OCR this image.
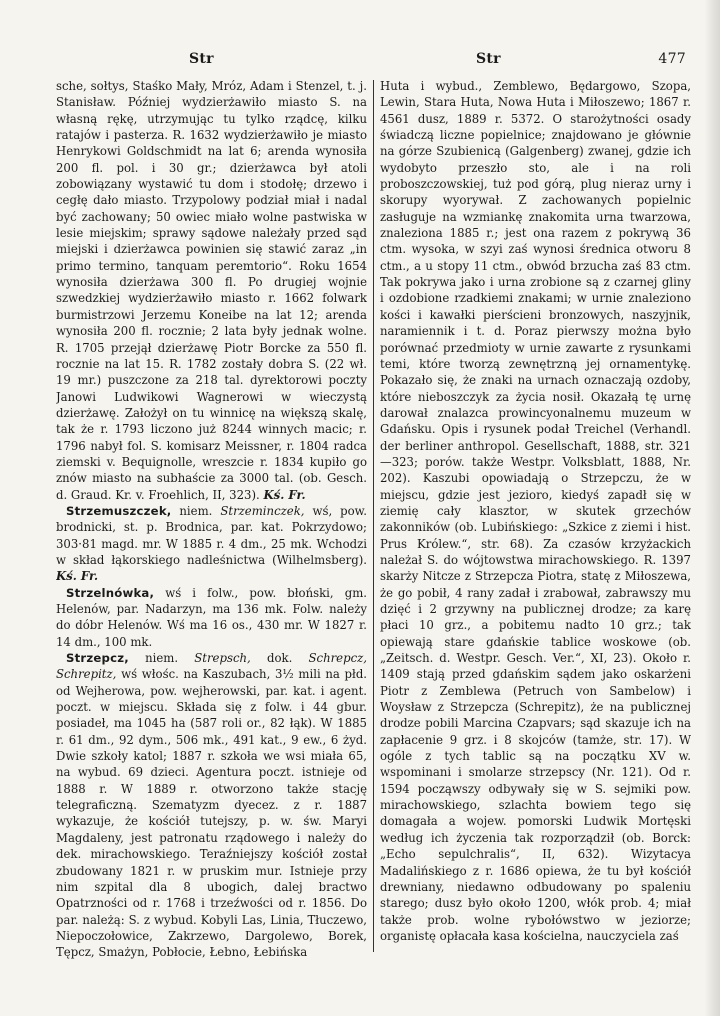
Str	Str	477

sche, sołtys, Staśko Mały, Mróz, Adam i Stenzel, t. j. Stanisław. Później wydzierżawiło miasto S. na własną rękę, utrzymując tu tylko rządcę, kilku ratajów i pasterza. R. 1632 wydzierżawiło je miasto Henrykowi Goldschmidt na lat 6; arenda wynosiła 200 fl. pol. i 30 gr.; dzierżawca był atoli zobowiązany wystawić tu dom i stodołę; drzewo i cegłę dało miasto. Trzypolowy podział miał i nadal być zachowany; 50 owiec miało wolne pastwiska w lesie miejskim; sprawy sądowe należały przed sąd miejski i dzierżawca powinien się stawić zaraz „in primo termino, tanquam peremtorio“. Roku 1654 wynosiła dzierżawa 300 fl. Po drugiej wojnie szwedzkiej wydzierżawiło miasto r. 1662 folwark burmistrzowi Jerzemu Koneibe na lat 12; arenda wynosiła 200 fl. rocznie; 2 lata były jednak wolne. R. 1705 przejął dzierżawę Piotr Borcke za 550 fl. rocznie na lat 15. R. 1782 zostały dobra S. (22 wł. 19 mr.) puszczone za 218 tal. dyrektorowi poczty Janowi Ludwikowi Wagnerowi w wieczystą dzierżawę. Założył on tu winnicę na większą skalę, tak że r. 1793 liczono już 8244 winnych macic; r. 1796 nabył fol. S. komisarz Meissner, r. 1804 radca ziemski v. Bequignolle, wreszcie r. 1834 kupiło go znów miasto na subhaście za 3000 tal. (ob. Gesch. d. Graud. Kr. v. Froehlich, II, 323). Kś. Fr.

Strzemuszczek, niem. Strzeminczek, wś, pow. brodnicki, st. p. Brodnica, par. kat. Pokrzydowo; 303·81 magd. mr. W 1885 r. 4 dm., 25 mk. Wchodzi w skład łąkorskiego nadleśnictwa (Wilhelmsberg). Kś. Fr.

Strzelnówka, wś i folw., pow. błoński, gm. Helenów, par. Nadarzyn, ma 136 mk. Folw. należy do dóbr Helenów. Wś ma 16 os., 430 mr. W 1827 r. 14 dm., 100 mk.

Strzepcz, niem. Strepsch, dok. Schrepcz, Schrepitz, wś włośc. na Kaszubach, 3½ mili na płd. od Wejherowa, pow. wejherowski, par. kat. i agent. poczt. w miejscu. Składa się z folw. i 44 gbur. posiadeł, ma 1045 ha (587 roli or., 82 łąk). W 1885 r. 61 dm., 92 dym., 506 mk., 491 kat., 9 ew., 6 żyd. Dwie szkoły katol; 1887 r. szkoła we wsi miała 65, na wybud. 69 dzieci. Agentura poczt. istnieje od 1888 r. W 1889 r. otworzono także stację telegraficzną. Szematyzm dyecez. z r. 1887 wykazuje, że kościół tutejszy, p. w. św. Maryi Magdaleny, jest patronatu rządowego i należy do dek. mirachowskiego. Teraźniejszy kościół został zbudowany 1821 r. w pruskim mur. Istnieje przy nim szpital dla 8 ubogich, dalej bractwo Opatrzności od r. 1768 i trzeźwości od r. 1856. Do par. należą: S. z wybud. Kobyli Las, Linia, Tłuczewo, Niepoczołowice, Zakrzewo, Dargolewo, Borek, Tępcz, Smażyn, Pobłocie, Łebno, Łebińska

Huta i wybud., Zemblewo, Będargowo, Szopa, Lewin, Stara Huta, Nowa Huta i Miłoszewo; 1867 r. 4561 dusz, 1889 r. 5372. O starożytności osady świadczą liczne popielnice; znajdowano je głównie na górze Szubienicą (Galgenberg) zwanej, gdzie ich wydobyto przeszło sto, ale i na roli proboszczowskiej, tuż pod górą, plug nieraz urny i skorupy wyorywał. Z zachowanych popielnic zasługuje na wzmiankę znakomita urna twarzowa, znaleziona 1885 r.; jest ona razem z pokrywą 36 ctm. wysoka, w szyi zaś wynosi średnica otworu 8 ctm., a u stopy 11 ctm., obwód brzucha zaś 83 ctm. Tak pokrywa jako i urna zrobione są z czarnej gliny i ozdobione rzadkiemi znakami; w urnie znaleziono kości i kawałki pierścieni bronzowych, naszyjnik, naramiennik i t. d. Poraz pierwszy można było porównać przedmioty w urnie zawarte z rysunkami temi, które tworzą zewnętrzną jej ornamentykę. Pokazało się, że znaki na urnach oznaczają ozdoby, które nieboszczyk za życia nosił. Okazałą tę urnę darował znalazca prowincyonalnemu muzeum w Gdańsku. Opis i rysunek podał Treichel (Verhandl. der berliner anthropol. Gesellschaft, 1888, str. 321—323; porów. także Westpr. Volksblatt, 1888, Nr. 202). Kaszubi opowiadają o Strzepczu, że w miejscu, gdzie jest jezioro, kiedyś zapadł się w ziemię cały klasztor, w skutek grzechów zakonników (ob. Lubińskiego: „Szkice z ziemi i hist. Prus Królew.“, str. 68). Za czasów krzyżackich należał S. do wójtowstwa mirachowskiego. R. 1397 skarży Nitcze z Strzepcza Piotra, statę z Miłoszewa, że go pobił, 4 rany zadał i zrabował, zabrawszy mu dzięć i 2 grzywny na publicznej drodze; za karę płaci 10 grz., a pobitemu nadto 10 grz.; tak opiewają stare gdańskie tablice woskowe (ob. „Zeitsch. d. Westpr. Gesch. Ver.“, XI, 23). Około r. 1409 stają przed gdańskim sądem jako oskarżeni Piotr z Zemblewa (Petruch von Sambelow) i Woysław z Strzepcza (Schrepitz), że na publicznej drodze pobili Marcina Czapvars; sąd skazuje ich na zapłacenie 9 grz. i 8 skojców (tamże, str. 17). W ogóle z tych tablic są na początku XV w. wspominani i smolarze strzepscy (Nr. 121). Od r. 1594 począwszy odbywały się w S. sejmiki pow. mirachowskiego, szlachta bowiem tego się domagała a wojew. pomorski Ludwik Mortęski według ich życzenia tak rozporządził (ob. Borck: „Echo sepulchralis“, II, 632). Wizytacya Madalińskiego z r. 1686 opiewa, że tu był kościół drewniany, niedawno odbudowany po spaleniu starego; dusz było około 1200, włók prob. 4; miał także prob. wolne rybołówstwo w jeziorze; organistę opłacała kasa kościelna, nauczyciela zaś
